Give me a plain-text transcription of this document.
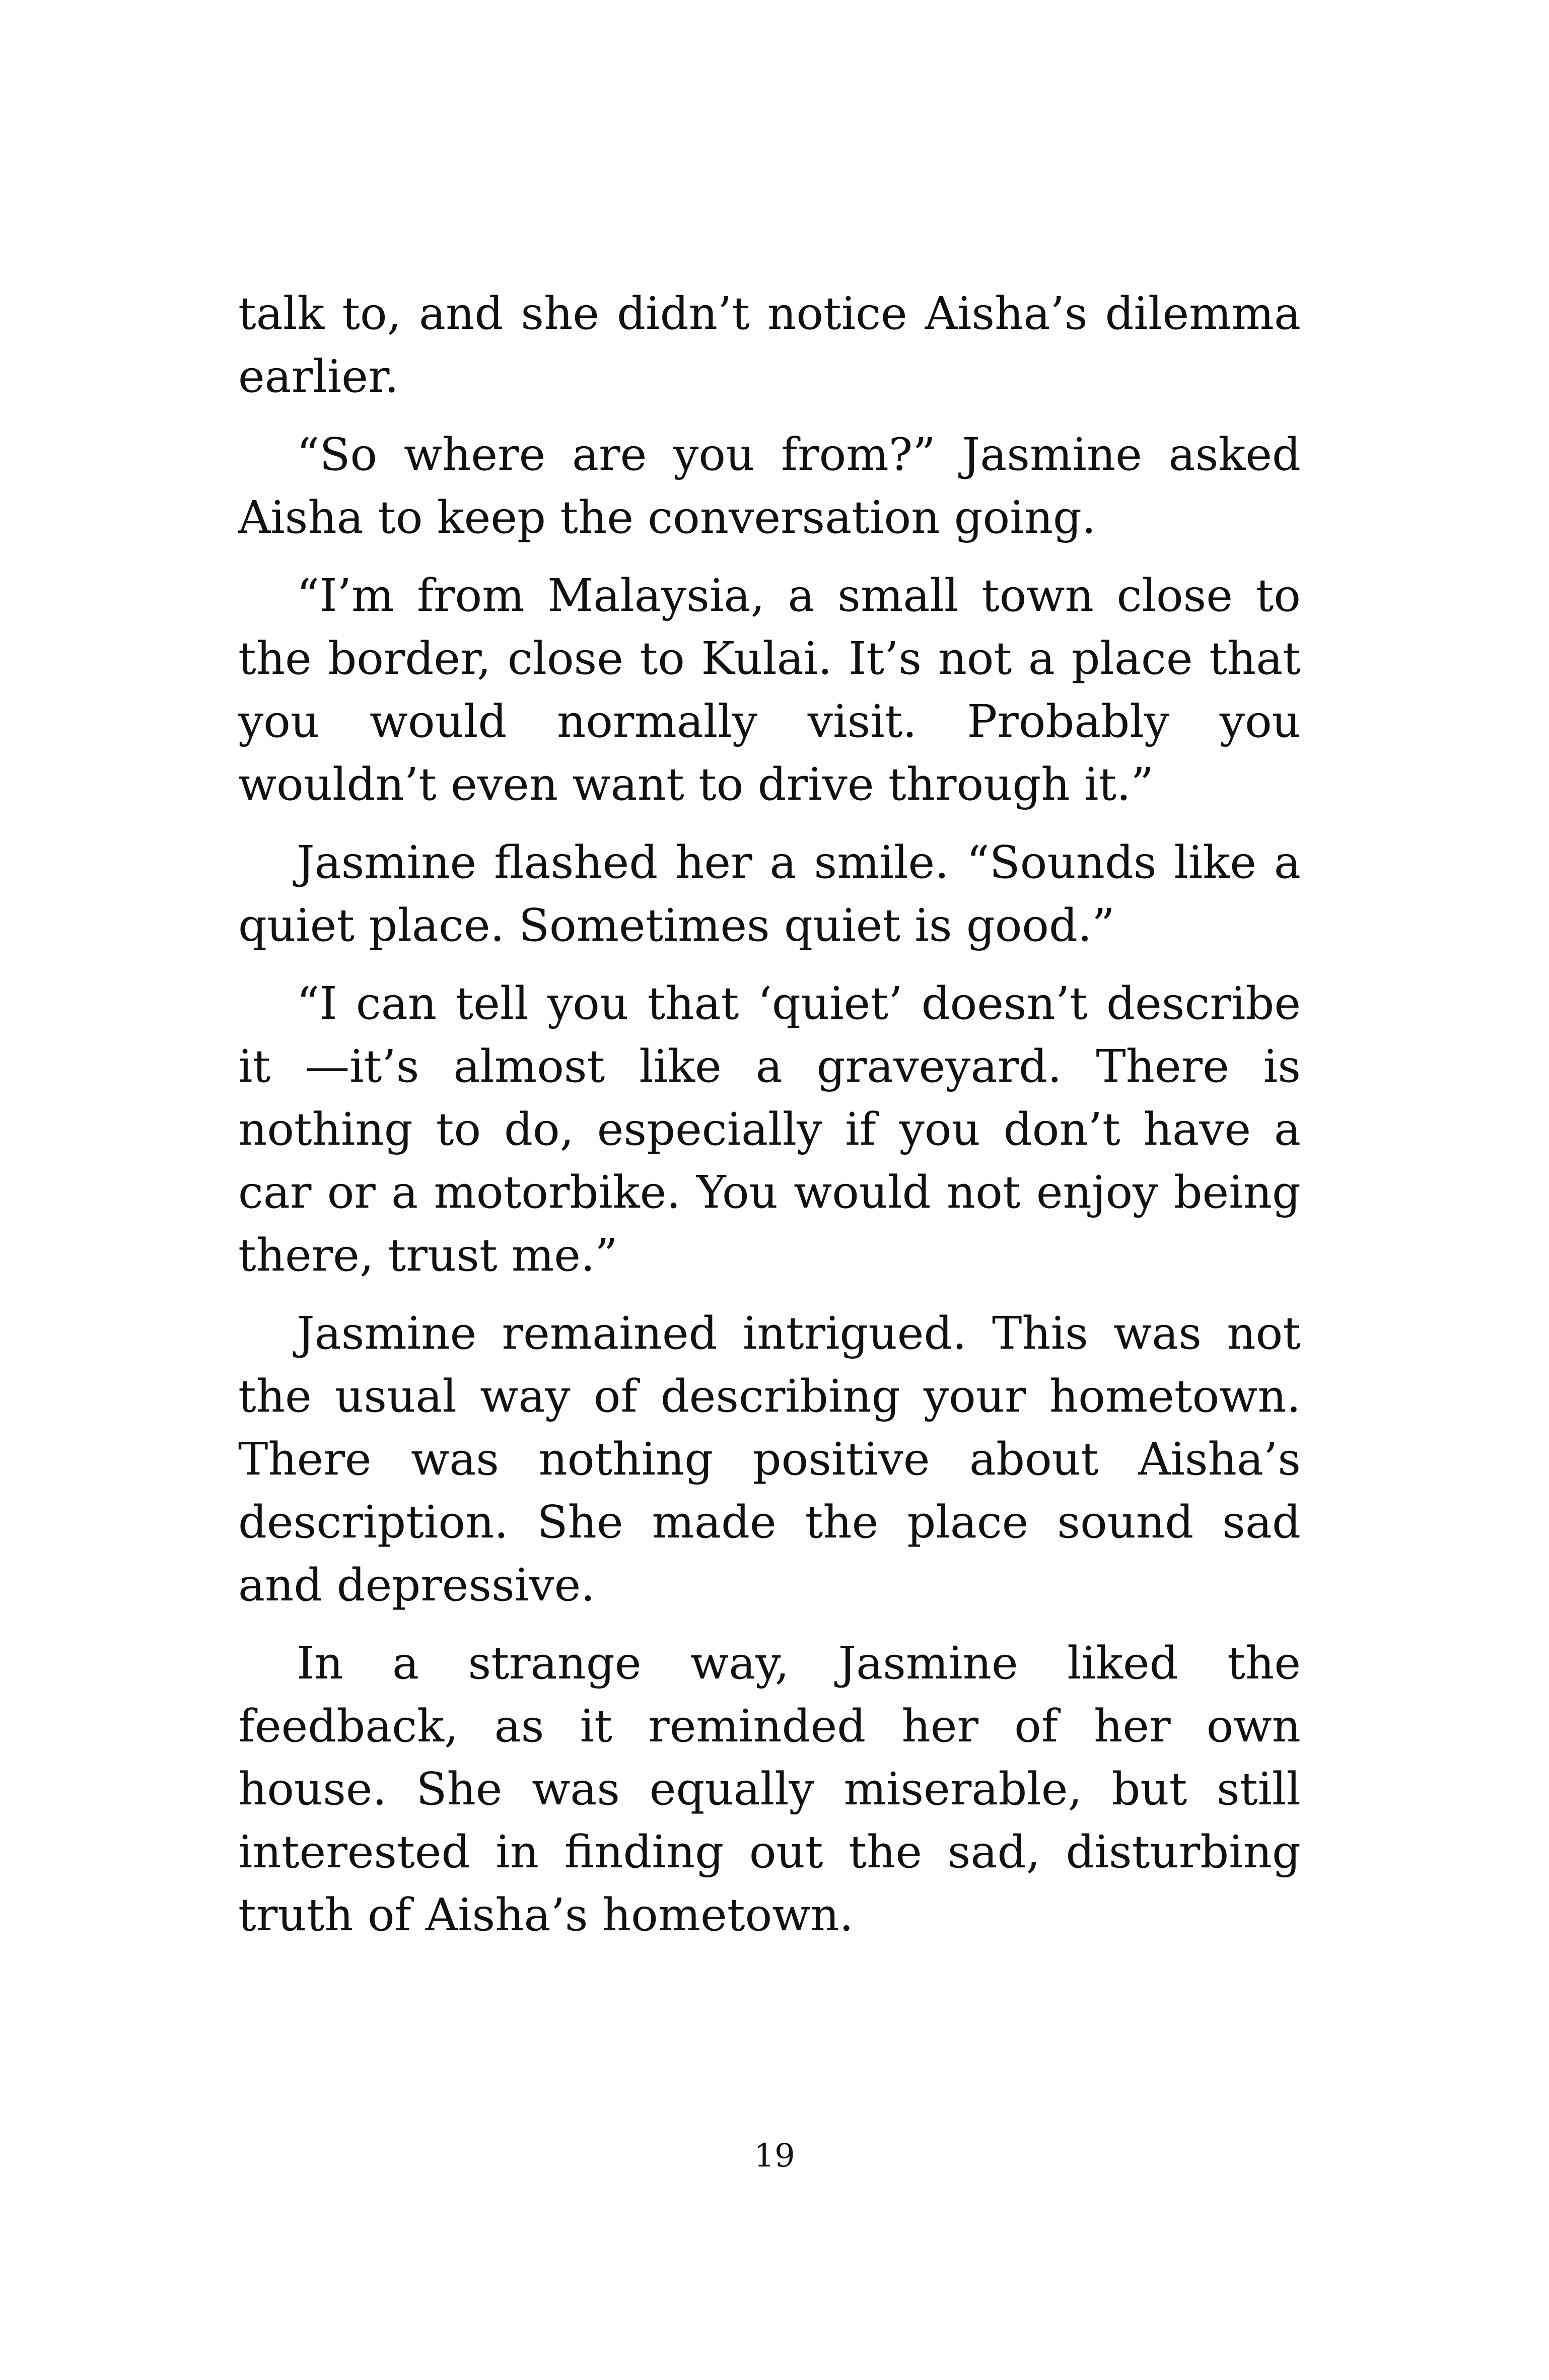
talk to, and she didn’t notice Aisha’s dilemma earlier.

“So where are you from?” Jasmine asked Aisha to keep the conversation going.

“I’m from Malaysia, a small town close to the border, close to Kulai. It’s not a place that you would normally visit. Probably you wouldn’t even want to drive through it.”

Jasmine flashed her a smile. “Sounds like a quiet place. Sometimes quiet is good.”

“I can tell you that ‘quiet’ doesn’t describe it —it’s almost like a graveyard. There is nothing to do, especially if you don’t have a car or a motorbike. You would not enjoy being there, trust me.”

Jasmine remained intrigued. This was not the usual way of describing your hometown. There was nothing positive about Aisha’s description. She made the place sound sad and depressive.

In a strange way, Jasmine liked the feedback, as it reminded her of her own house. She was equally miserable, but still interested in finding out the sad, disturbing truth of Aisha’s hometown.

19
